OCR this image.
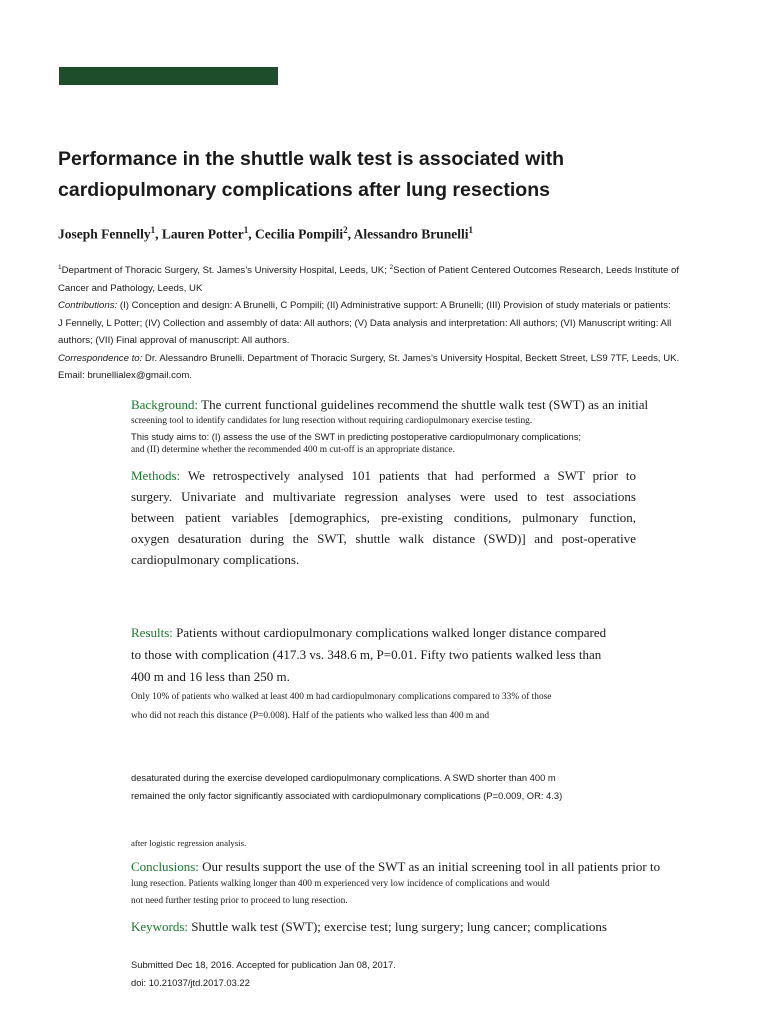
Performance in the shuttle walk test is associated with
cardiopulmonary complications after lung resections
Joseph Fennelly$^1$, Lauren Potter$^1$, Cecilia Pompili$^2$, Alessandro Brunelli$^1$
$^1$Department of Thoracic Surgery, St. James’s University Hospital, Leeds, UK; $^2$Section of Patient Centered Outcomes Research, Leeds Institute of Cancer and Pathology, Leeds, UK
Contributions: (I) Conception and design: A Brunelli, C Pompili; (II) Administrative support: A Brunelli; (III) Provision of study materials or patients:
J Fennelly, L Potter; (IV) Collection and assembly of data: All authors; (V) Data analysis and interpretation: All authors; (VI) Manuscript writing: All
authors; (VII) Final approval of manuscript: All authors.
Correspondence to: Dr. Alessandro Brunelli. Department of Thoracic Surgery, St. James’s University Hospital, Beckett Street, LS9 7TF, Leeds, UK.
Email: brunellialex@gmail.com.
Background: The current functional guidelines recommend the shuttle walk test (SWT) as an initial
screening tool to identify candidates for lung resection without requiring cardiopulmonary exercise testing.
This study aims to: (I) assess the use of the SWT in predicting postoperative cardiopulmonary complications;
and (II) determine whether the recommended 400 m cut-off is an appropriate distance.
Methods: We retrospectively analysed 101 patients that had performed a SWT prior to
surgery. Univariate and multivariate regression analyses were used to test associations
between patient variables [demographics, pre-existing conditions, pulmonary function,
oxygen desaturation during the SWT, shuttle walk distance (SWD)] and post-operative
cardiopulmonary complications.
Results: Patients without cardiopulmonary complications walked longer distance compared
to those with complication (417.3 vs. 348.6 m, P=0.01. Fifty two patients walked less than
400 m and 16 less than 250 m.
Only 10% of patients who walked at least 400 m had cardiopulmonary complications compared to 33% of those
who did not reach this distance (P=0.008). Half of the patients who walked less than 400 m and
desaturated during the exercise developed cardiopulmonary complications. A SWD shorter than 400 m
remained the only factor significantly associated with cardiopulmonary complications (P=0.009, OR: 4.3)
after logistic regression analysis.
Conclusions: Our results support the use of the SWT as an initial screening tool in all patients prior to
lung resection. Patients walking longer than 400 m experienced very low incidence of complications and would
not need further testing prior to proceed to lung resection.
Keywords: Shuttle walk test (SWT); exercise test; lung surgery; lung cancer; complications
Submitted Dec 18, 2016. Accepted for publication Jan 08, 2017.
doi: 10.21037/jtd.2017.03.22
